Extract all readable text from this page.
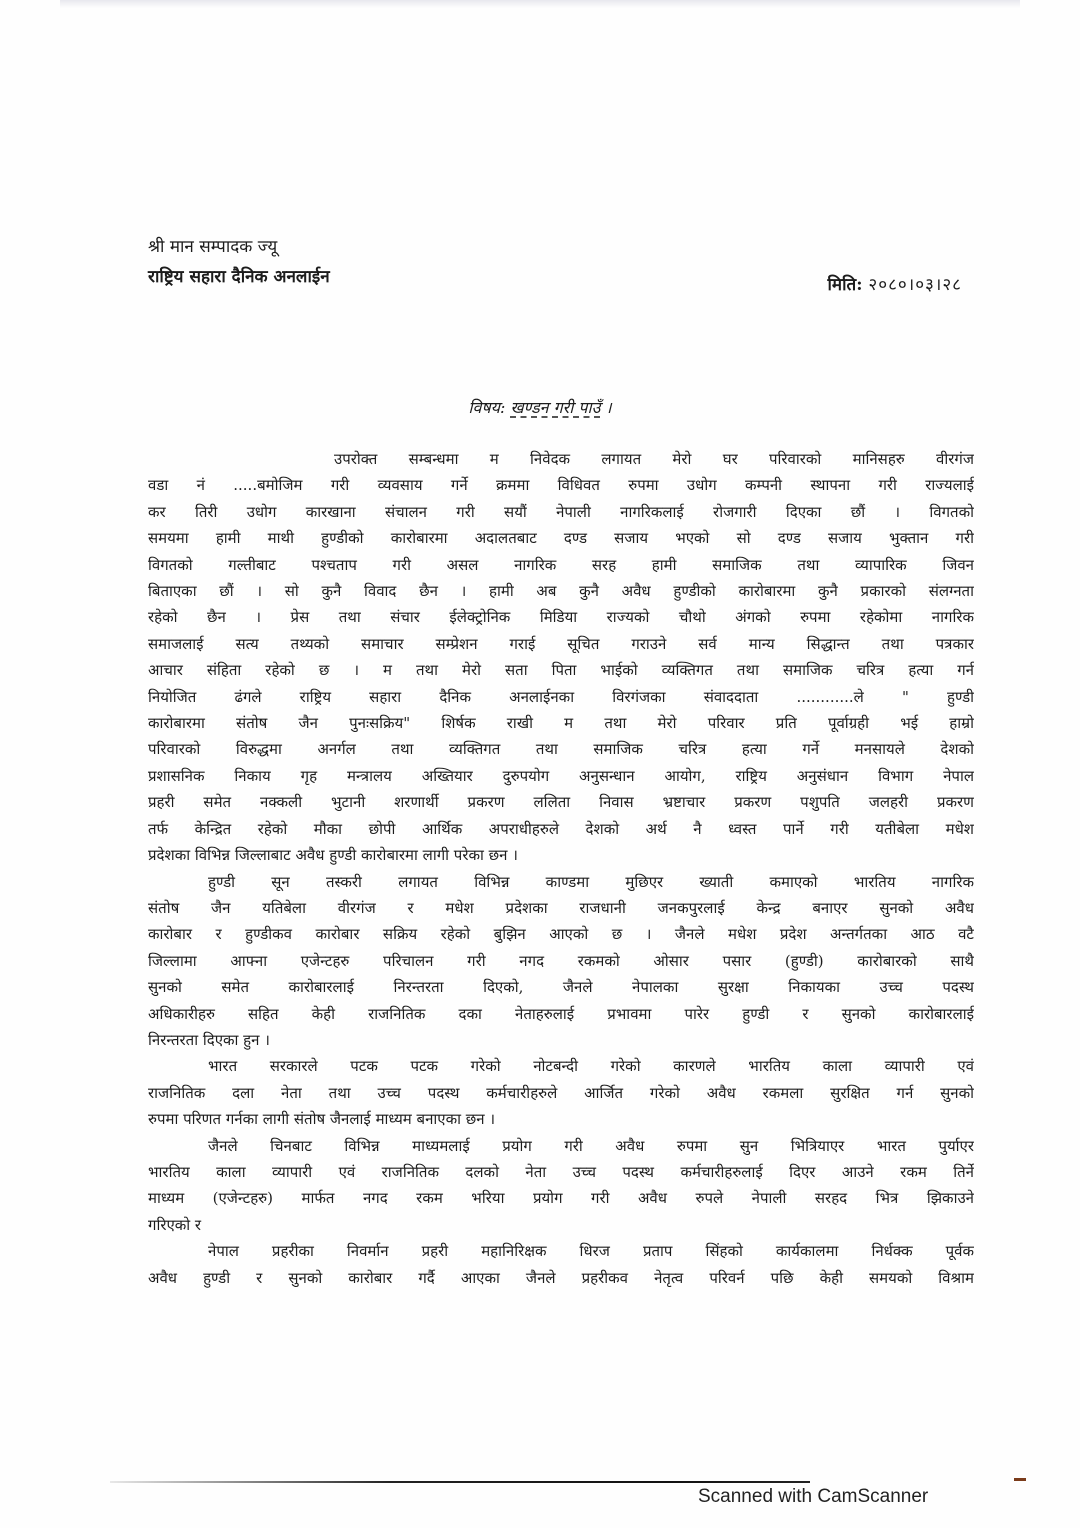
श्री मान सम्पादक ज्यू
राष्ट्रिय सहारा दैनिक अनलाईन	मिति: २०८०।०३।२८
विषय: खण्डन गरी पाउँ ।
उपरोक्त सम्बन्धमा म निवेदक लगायत मेरो घर परिवारको मानिसहरु वीरगंज
वडा नं .....बमोजिम गरी व्यवसाय गर्ने क्रममा विधिवत रुपमा उधोग कम्पनी स्थापना गरी राज्यलाई
कर तिरी उधोग कारखाना संचालन गरी सयौं नेपाली नागरिकलाई रोजगारी दिएका छौं । विगतको
समयमा हामी माथी हुण्डीको कारोबारमा अदालतबाट दण्ड सजाय भएको सो दण्ड सजाय भुक्तान गरी
विगतको गल्तीबाट पश्चताप गरी असल नागरिक सरह हामी समाजिक तथा व्यापारिक जिवन
बिताएका छौं । सो कुनै विवाद छैन । हामी अब कुनै अवैध हुण्डीको कारोबारमा कुनै प्रकारको संलग्नता
रहेको छैन । प्रेस तथा संचार ईलेक्ट्रोनिक मिडिया राज्यको चौथो अंगको रुपमा रहेकोमा नागरिक
समाजलाई सत्य तथ्यको समाचार सम्प्रेशन गराई सूचित गराउने सर्व मान्य सिद्धान्त तथा पत्रकार
आचार संहिता रहेको छ । म तथा मेरो सता पिता भाईको व्यक्तिगत तथा समाजिक चरित्र हत्या गर्न
नियोजित ढंगले राष्ट्रिय सहारा दैनिक अनलाईनका विरगंजका संवाददाता ............ले " हुण्डी
कारोबारमा संतोष जैन पुनःसक्रिय" शिर्षक राखी म तथा मेरो परिवार प्रति पूर्वाग्रही भई हाम्रो
परिवारको विरुद्धमा अनर्गल तथा व्यक्तिगत तथा समाजिक चरित्र हत्या गर्ने मनसायले देशको
प्रशासनिक निकाय गृह मन्त्रालय अख्तियार दुरुपयोग अनुसन्धान आयोग, राष्ट्रिय अनुसंधान विभाग नेपाल
प्रहरी समेत नक्कली भुटानी शरणार्थी प्रकरण ललिता निवास भ्रष्टाचार प्रकरण पशुपति जलहरी प्रकरण
तर्फ केन्द्रित रहेको मौका छोपी आर्थिक अपराधीहरुले देशको अर्थ नै ध्वस्त पार्ने गरी यतीबेला मधेश
प्रदेशका विभिन्न जिल्लाबाट अवैध हुण्डी कारोबारमा लागी परेका छन ।
हुण्डी सून तस्करी लगायत विभिन्न काण्डमा मुछिएर ख्याती कमाएको भारतिय नागरिक
संतोष जैन यतिबेला वीरगंज र मधेश प्रदेशका राजधानी जनकपुरलाई केन्द्र बनाएर सुनको अवैध
कारोबार र हुण्डीकव कारोबार सक्रिय रहेको बुझिन आएको छ । जैनले मधेश प्रदेश अन्तर्गतका आठ वटै
जिल्लामा आफ्ना एजेन्टहरु परिचालन गरी नगद रकमको ओसार पसार (हुण्डी) कारोबारको साथै
सुनको समेत कारोबारलाई निरन्तरता दिएको, जैनले नेपालका सुरक्षा निकायका उच्च पदस्थ
अधिकारीहरु सहित केही राजनितिक दका नेताहरुलाई प्रभावमा पारेर हुण्डी र सुनको कारोबारलाई
निरन्तरता दिएका हुन ।
भारत सरकारले पटक पटक गरेको नोटबन्दी गरेको कारणले भारतिय काला व्यापारी एवं
राजनितिक दला नेता तथा उच्च पदस्थ कर्मचारीहरुले आर्जित गरेको अवैध रकमला सुरक्षित गर्न सुनको
रुपमा परिणत गर्नका लागी संतोष जैनलाई माध्यम बनाएका छन ।
जैनले चिनबाट विभिन्न माध्यमलाई प्रयोग गरी अवैध रुपमा सुन भित्रियाएर भारत पुर्याएर
भारतिय काला व्यापारी एवं राजनितिक दलको नेता उच्च पदस्थ कर्मचारीहरुलाई दिएर आउने रकम तिर्ने
माध्यम (एजेन्टहरु) मार्फत नगद रकम भरिया प्रयोग गरी अवैध रुपले नेपाली सरहद भित्र झिकाउने
गरिएको र
नेपाल प्रहरीका निवर्मान प्रहरी महानिरिक्षक धिरज प्रताप सिंहको कार्यकालमा निर्धक्क पूर्वक
अवैध हुण्डी र सुनको कारोबार गर्दै आएका जैनले प्रहरीकव नेतृत्व परिवर्न पछि केही समयको विश्राम
Scanned with CamScanner
